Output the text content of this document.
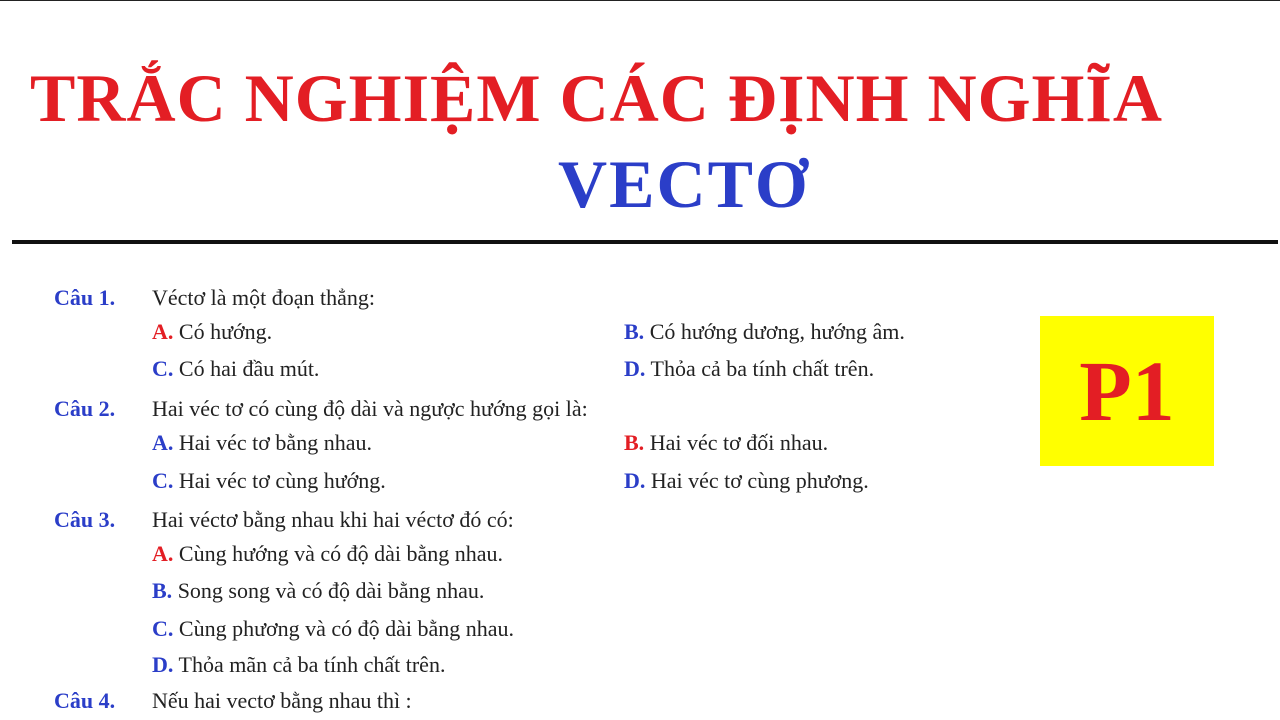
TRẮC NGHIỆM CÁC ĐỊNH NGHĨA
VECTƠ
P1
Câu 1. Véctơ là một đoạn thẳng:
A. Có hướng.	B. Có hướng dương, hướng âm.
C. Có hai đầu mút.	D. Thỏa cả ba tính chất trên.
Câu 2. Hai véc tơ có cùng độ dài và ngược hướng gọi là:
A. Hai véc tơ bằng nhau.	B. Hai véc tơ đối nhau.
C. Hai véc tơ cùng hướng.	D. Hai véc tơ cùng phương.
Câu 3. Hai véctơ bằng nhau khi hai véctơ đó có:
A. Cùng hướng và có độ dài bằng nhau.
B. Song song và có độ dài bằng nhau.
C. Cùng phương và có độ dài bằng nhau.
D. Thỏa mãn cả ba tính chất trên.
Câu 4. Nếu hai vectơ bằng nhau thì :
